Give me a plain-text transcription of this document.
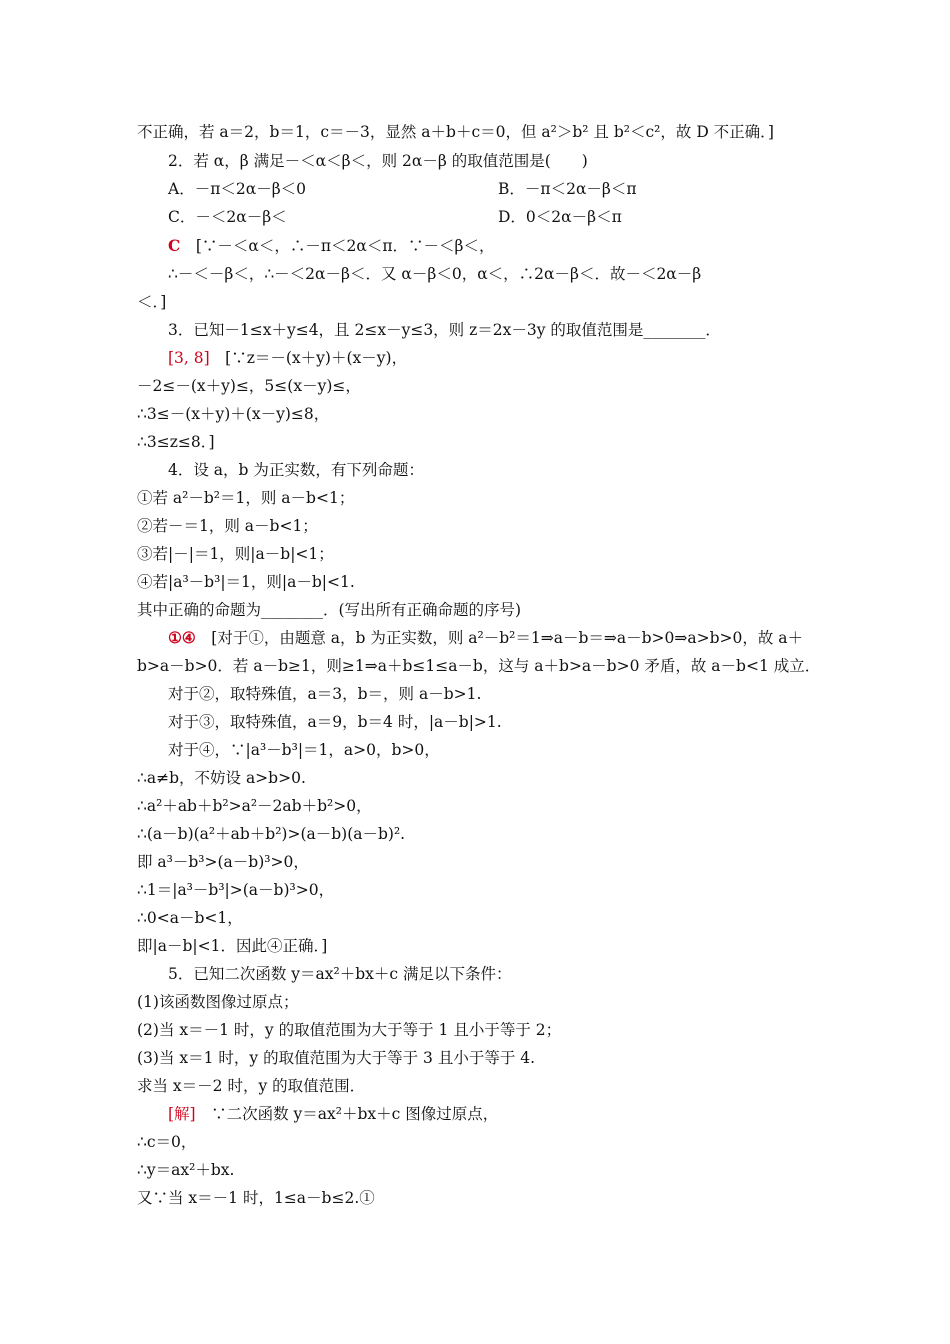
不正确，若 a＝2，b＝1，c＝－3，显然 a＋b＋c＝0，但 a²＞b² 且 b²＜c²，故 D 不正确．]
2．若 α，β 满足－＜α＜β＜，则 2α－β 的取值范围是(　　)
A．－π＜2α－β＜0	B．－π＜2α－β＜π
C．－＜2α－β＜	D．0＜2α－β＜π
C　[∵－＜α＜，∴－π＜2α＜π．∵－＜β＜，
∴－＜－β＜，∴－＜2α－β＜．又 α－β＜0，α＜，∴2α－β＜．故－＜2α－β
＜．]
3．已知－1≤x＋y≤4，且 2≤x－y≤3，则 z＝2x－3y 的取值范围是________．
[3, 8]　[∵z＝－(x＋y)＋(x－y)，
－2≤－(x＋y)≤，5≤(x－y)≤，
∴3≤－(x＋y)＋(x－y)≤8，
∴3≤z≤8．]
4．设 a，b 为正实数，有下列命题：
①若 a²－b²＝1，则 a－b<1；
②若－＝1，则 a－b<1；
③若|－|＝1，则|a－b|<1；
④若|a³－b³|＝1，则|a－b|<1.
其中正确的命题为________．(写出所有正确命题的序号)
①④　[对于①，由题意 a，b 为正实数，则 a²－b²＝1⇒a－b＝⇒a－b>0⇒a>b>0，故 a＋
b>a－b>0．若 a－b≥1，则≥1⇒a＋b≤1≤a－b，这与 a＋b>a－b>0 矛盾，故 a－b<1 成立．
对于②，取特殊值，a＝3，b＝，则 a－b>1.
对于③，取特殊值，a＝9，b＝4 时，|a－b|>1.
对于④，∵|a³－b³|＝1，a>0，b>0，
∴a≠b，不妨设 a>b>0.
∴a²＋ab＋b²>a²－2ab＋b²>0，
∴(a－b)(a²＋ab＋b²)>(a－b)(a－b)².
即 a³－b³>(a－b)³>0，
∴1＝|a³－b³|>(a－b)³>0，
∴0<a－b<1，
即|a－b|<1．因此④正确．]
5．已知二次函数 y＝ax²＋bx＋c 满足以下条件：
(1)该函数图像过原点；
(2)当 x＝－1 时，y 的取值范围为大于等于 1 且小于等于 2；
(3)当 x＝1 时，y 的取值范围为大于等于 3 且小于等于 4.
求当 x＝－2 时，y 的取值范围．
[解]　∵二次函数 y＝ax²＋bx＋c 图像过原点，
∴c＝0，
∴y＝ax²＋bx.
又∵当 x＝－1 时，1≤a－b≤2.①
